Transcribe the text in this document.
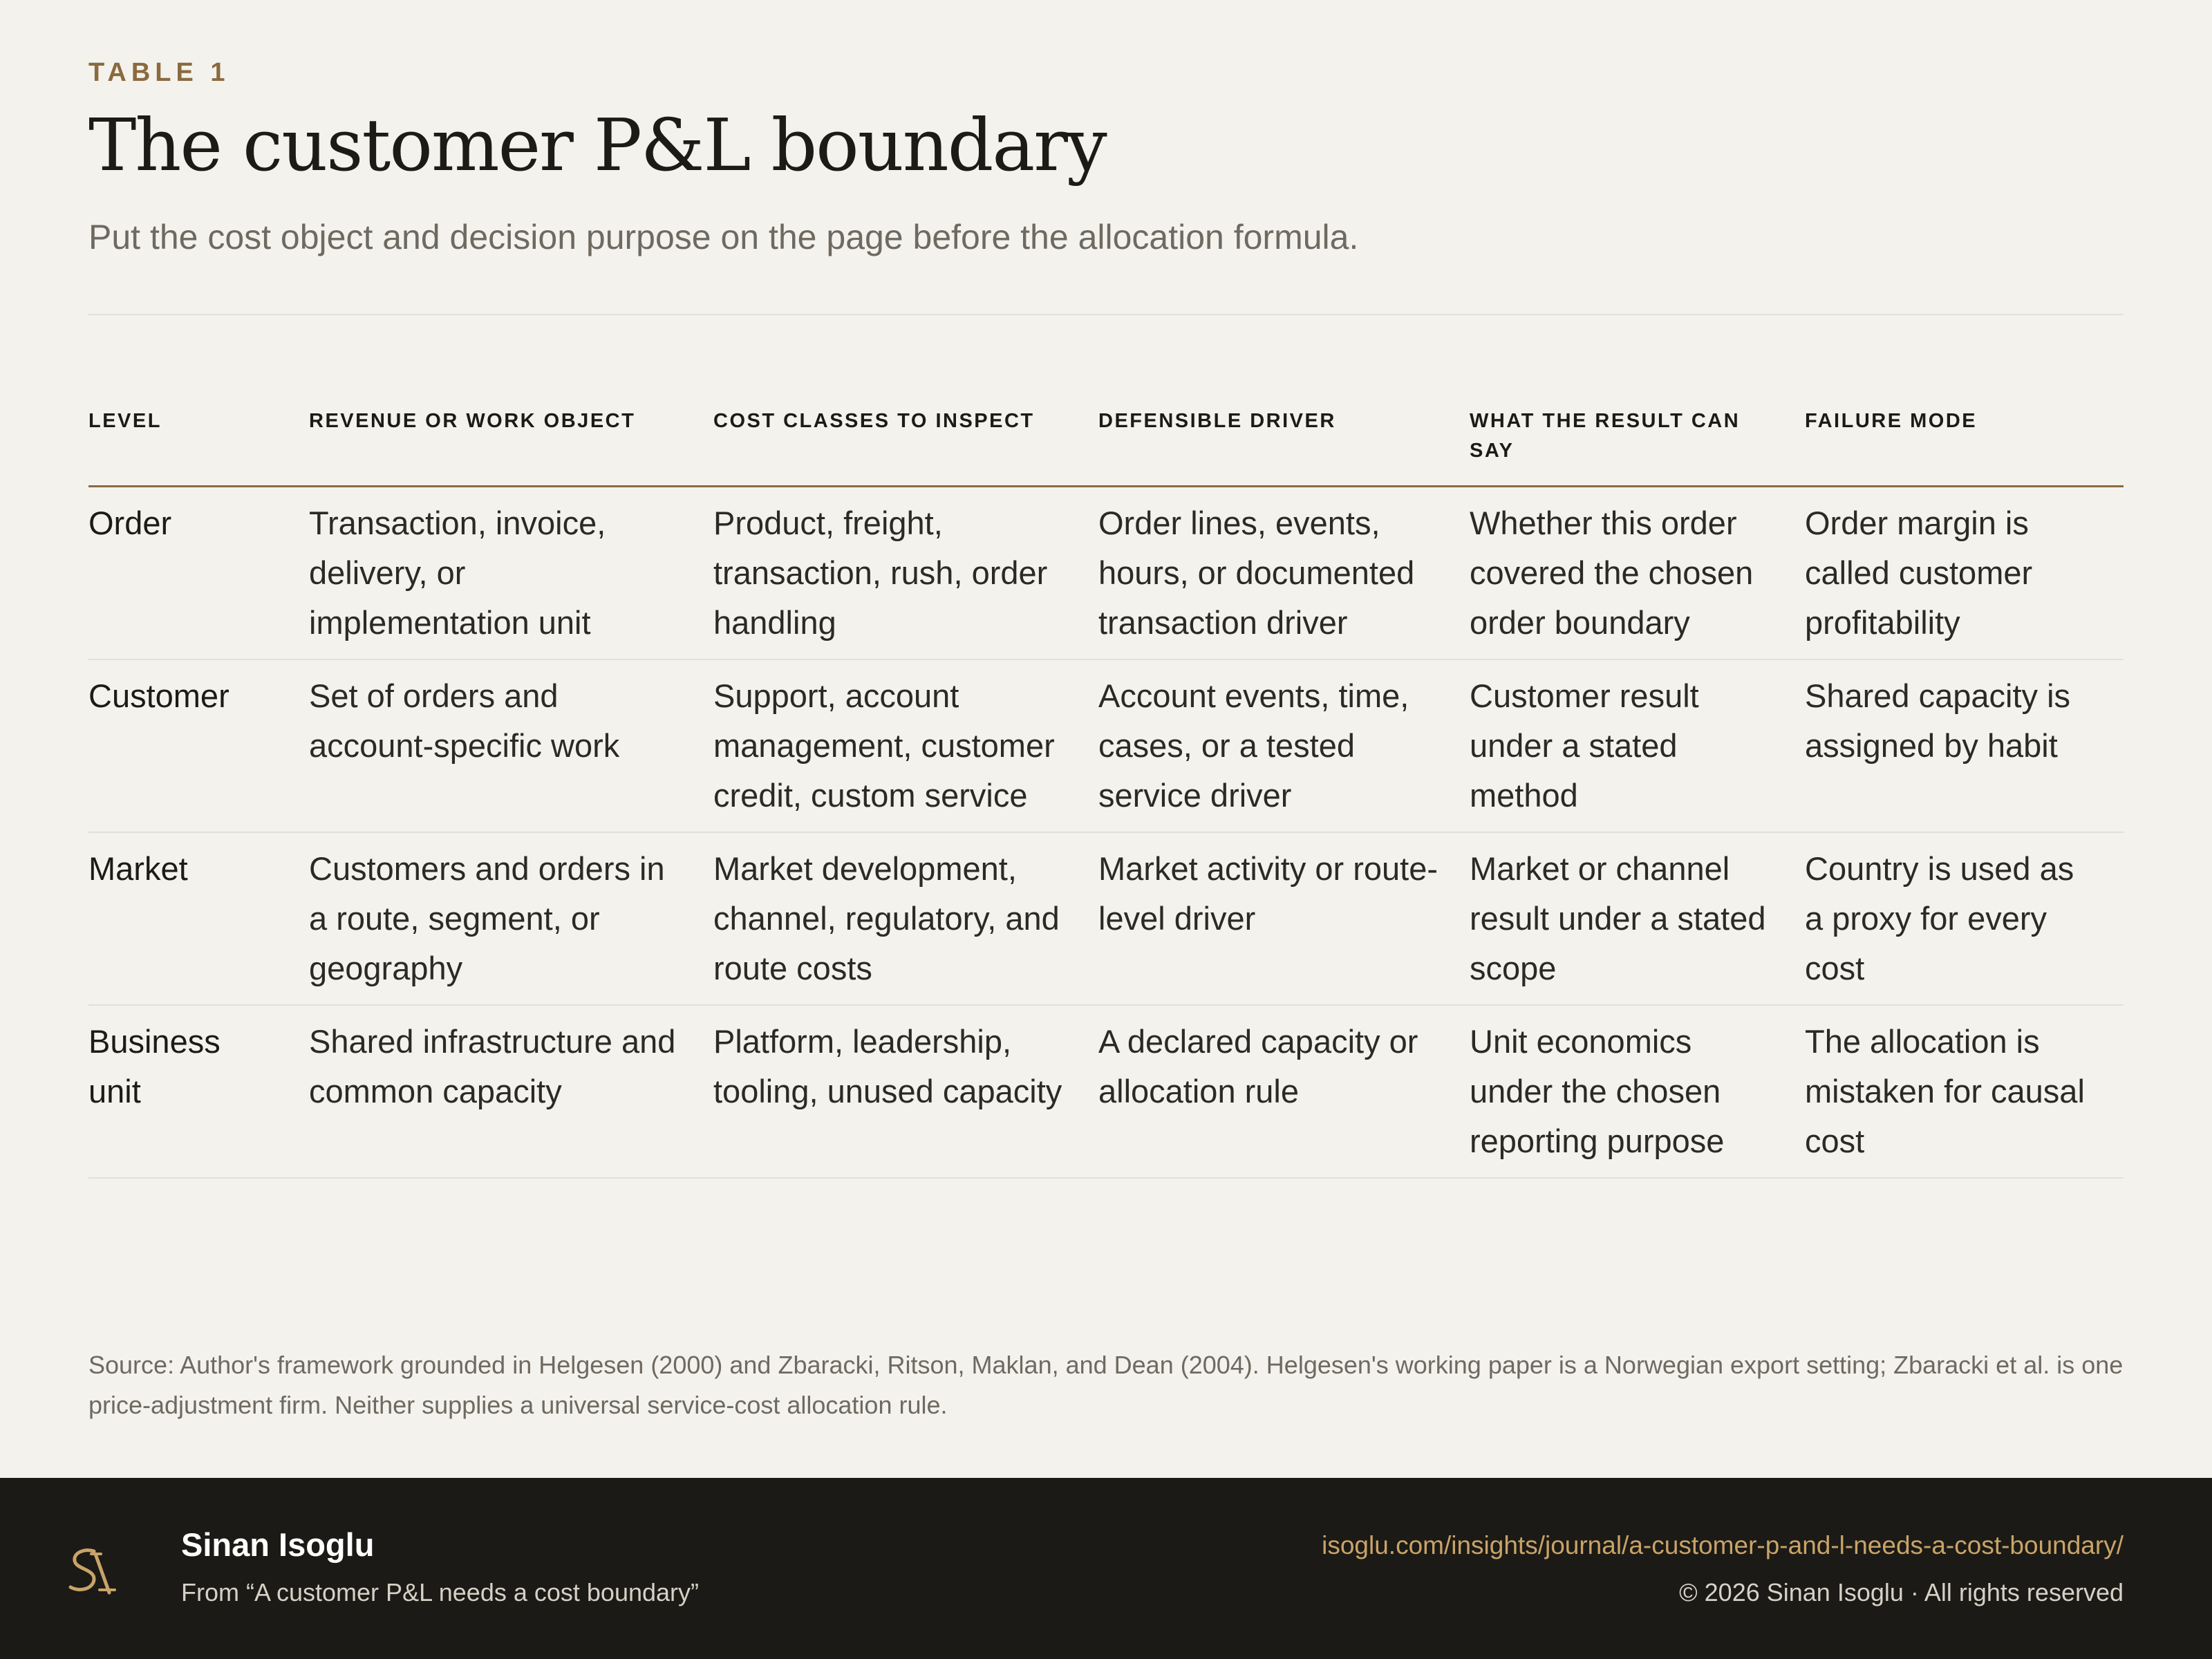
TABLE 1
The customer P&L boundary
Put the cost object and decision purpose on the page before the allocation formula.
LEVEL	REVENUE OR WORK OBJECT	COST CLASSES TO INSPECT	DEFENSIBLE DRIVER	WHAT THE RESULT CAN SAY	FAILURE MODE
Order	Transaction, invoice, delivery, or implementation unit	Product, freight, transaction, rush, order handling	Order lines, events, hours, or documented transaction driver	Whether this order covered the chosen order boundary	Order margin is called customer profitability
Customer	Set of orders and account-specific work	Support, account management, customer credit, custom service	Account events, time, cases, or a tested service driver	Customer result under a stated method	Shared capacity is assigned by habit
Market	Customers and orders in a route, segment, or geography	Market development, channel, regulatory, and route costs	Market activity or route-level driver	Market or channel result under a stated scope	Country is used as a proxy for every cost
Business unit	Shared infrastructure and common capacity	Platform, leadership, tooling, unused capacity	A declared capacity or allocation rule	Unit economics under the chosen reporting purpose	The allocation is mistaken for causal cost
Source: Author's framework grounded in Helgesen (2000) and Zbaracki, Ritson, Maklan, and Dean (2004). Helgesen's working paper is a Norwegian export setting; Zbaracki et al. is one price-adjustment firm. Neither supplies a universal service-cost allocation rule.
Sinan Isoglu
From “A customer P&L needs a cost boundary”
isoglu.com/insights/journal/a-customer-p-and-l-needs-a-cost-boundary/
© 2026 Sinan Isoglu · All rights reserved
